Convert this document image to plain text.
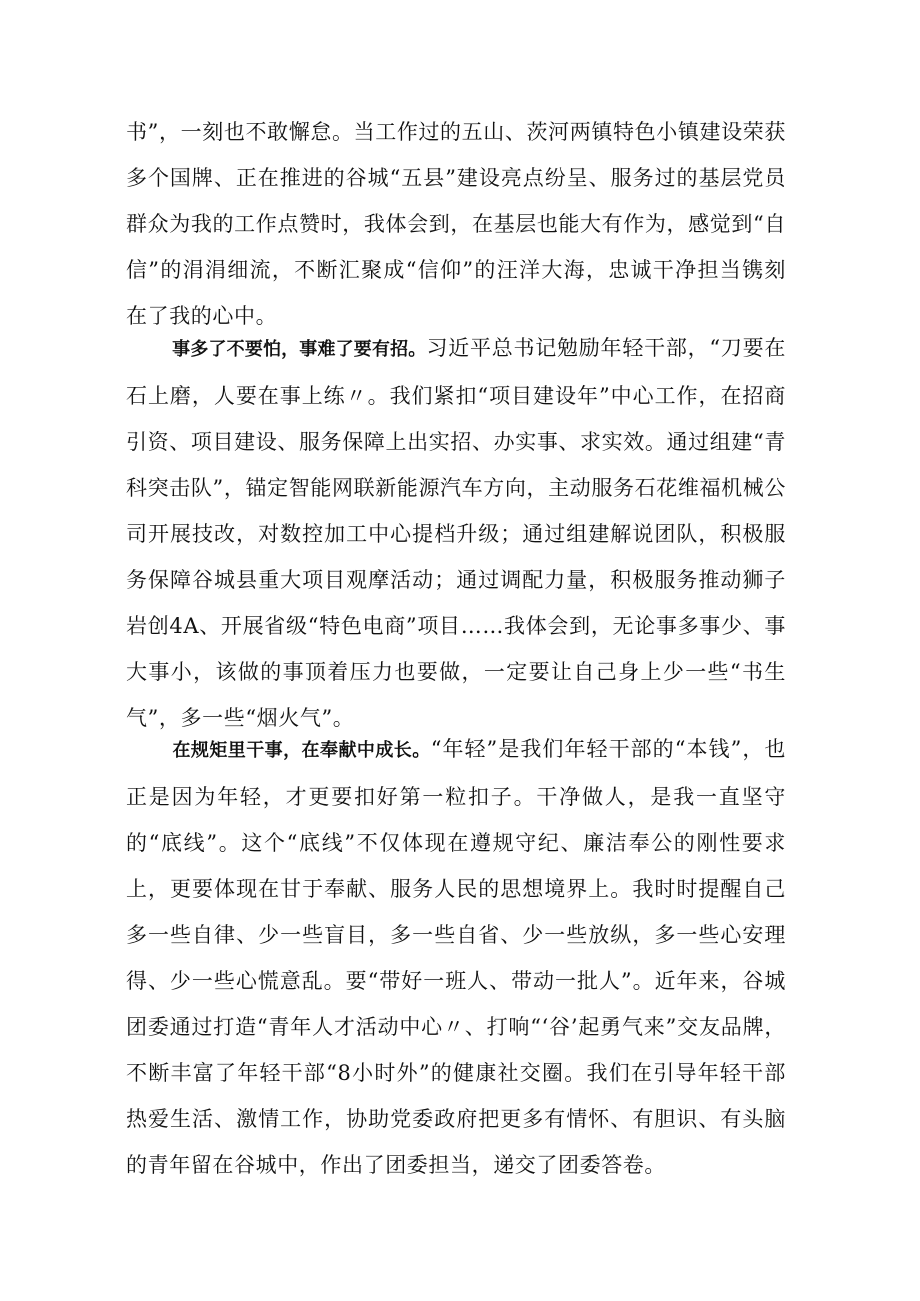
书”，一刻也不敢懈怠。当工作过的五山、茨河两镇特色小镇建设荣获多个国牌、正在推进的谷城“五县”建设亮点纷呈、服务过的基层党员群众为我的工作点赞时，我体会到，在基层也能大有作为，感觉到“自信”的涓涓细流，不断汇聚成“信仰”的汪洋大海，忠诚干净担当镌刻在了我的心中。

事多了不要怕，事难了要有招。习近平总书记勉励年轻干部，“刀要在石上磨，人要在事上练〃。我们紧扣“项目建设年”中心工作，在招商引资、项目建设、服务保障上出实招、办实事、求实效。通过组建“青科突击队”，锚定智能网联新能源汽车方向，主动服务石花维福机械公司开展技改，对数控加工中心提档升级；通过组建解说团队，积极服务保障谷城县重大项目观摩活动；通过调配力量，积极服务推动狮子岩创4A、开展省级“特色电商”项目……我体会到，无论事多事少、事大事小，该做的事顶着压力也要做，一定要让自己身上少一些“书生气”，多一些“烟火气”。

在规矩里干事，在奉献中成长。“年轻”是我们年轻干部的“本钱”，也正是因为年轻，才更要扣好第一粒扣子。干净做人，是我一直坚守的“底线”。这个“底线”不仅体现在遵规守纪、廉洁奉公的刚性要求上，更要体现在甘于奉献、服务人民的思想境界上。我时时提醒自己多一些自律、少一些盲目，多一些自省、少一些放纵，多一些心安理得、少一些心慌意乱。要“带好一班人、带动一批人”。近年来，谷城团委通过打造“青年人才活动中心〃、打响“‘谷’起勇气来”交友品牌，不断丰富了年轻干部“8小时外”的健康社交圈。我们在引导年轻干部热爱生活、激情工作，协助党委政府把更多有情怀、有胆识、有头脑的青年留在谷城中，作出了团委担当，递交了团委答卷。
